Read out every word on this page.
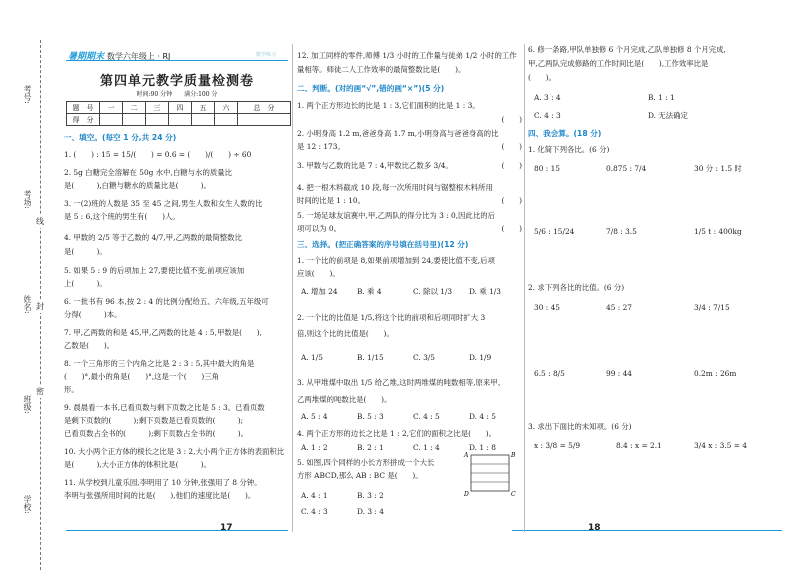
考号:
考场:
姓名:
班级:
学校:
线
封
密
暑期期末 数学六年级上 · RJ	数学练习
第四单元教学质量检测卷
时间:90 分钟　　满分:100 分
题　号	一	二	三	四	五	六	总　分
得　分							
一、填空。(每空 1 分,共 24 分)
1. (　　) : 15 = 15/(　　) = 0.6 = (　　)/(　　) ÷ 60
2. 5g 白糖完全溶解在 50g 水中,白糖与水的质量比
是(　　　),白糖与糖水的质量比是(　　　)。
3. 一(2)班的人数是 35 至 45 之间,男生人数和女生人数的比
是 5 : 6,这个班的男生有(　　)人。
4. 甲数的 2/5 等于乙数的 4/7,甲,乙两数的最简整数比
是(　　　)。
5. 如果 5 : 9 的后项加上 27,要使比值不变,前项应该加
上(　　　)。
6. 一批书有 96 本,按 2 : 4 的比例分配给五、六年级,五年级可
分得(　　　)本。
7. 甲,乙两数的和是 45,甲,乙两数的比是 4 : 5,甲数是(　　),
乙数是(　　)。
8. 一个三角形的三个内角之比是 2 : 3 : 5,其中最大的角是
(　　)°,最小的角是(　　)°,这是一个(　　)三角
形。
9. 晨晨看一本书,已看页数与剩下页数之比是 5 : 3。已看页数
是剩下页数的(　　　);剩下页数是已看页数的(　　　);
已看页数占全书的(　　　);剩下页数占全书的(　　　)。
10. 大小两个正方体的棱长之比是 3 : 2,大小两个正方体的表面积比
是(　　　),大小正方体的体积比是(　　　)。
11. 从学校到儿童乐园,李明用了 10 分钟,张强用了 8 分钟。
李明与张强所用时间的比是(　　),他们的速度比是(　　)。
17
12. 加工同样的零件,师傅 1/3 小时的工作量与徒弟 1/2 小时的工作
量相等。师徒二人工作效率的最简整数比是(　　)。
二、判断。(对的画“√”,错的画“×”)(5 分)
1. 两个正方形边长的比是 1 : 3,它们面积的比是 1 : 3。
(　　)
2. 小明身高 1.2 m,爸爸身高 1.7 m,小明身高与爸爸身高的比
是 12 : 173。	(　　)
3. 甲数与乙数的比是 7 : 4,甲数比乙数多 3/4。	(　　)
4. 把一根木料截成 10 段,每一次所用时间与锯整根木料所用
时间的比是 1 : 10。	(　　)
5. 一场足球友谊赛中,甲,乙两队的得分比为 3 : 0,因此比的后
项可以为 0。	(　　)
三、选择。(把正确答案的序号填在括号里)(12 分)
1. 一个比的前项是 8,如果前项增加到 24,要使比值不变,后项
应该(　　)。
A. 增加 24	B. 乘 4	C. 除以 1/3 D. 乘 1/3
2. 一个比的比值是 1/5,将这个比的前项和后项同时扩大 3
倍,则这个比的比值是(　　)。
A. 1/5	B. 1/15	C. 3/5	D. 1/9
3. 从甲堆煤中取出 1/5 给乙堆,这时两堆煤的吨数相等,原来甲、
乙两堆煤的吨数比是(　　)。
A. 5 : 4	B. 5 : 3	C. 4 : 5	D. 4 : 5
4. 两个正方形的边长之比是 1 : 2,它们的面积之比是(　　)。
A. 1 : 2	B. 2 : 1	C. 1 : 4	D. 1 : 8
5. 如图,四个同样的小长方形拼成一个大长
方形 ABCD,那么 AB : BC 是(　　)。
A. 4 : 1	B. 3 : 2
C. 4 : 3	D. 3 : 4
A	B
C
D
6. 修一条路,甲队单独修 6 个月完成,乙队单独修 8 个月完成,
甲,乙两队完成修路的工作时间比是(　　),工作效率比是
(　　)。
A. 3 : 4	B. 1 : 1
C. 4 : 3	D. 无法确定
四、我会算。(18 分)
1. 化简下列各比。(6 分)
80 : 15	0.875 : 7/4	30 分 : 1.5 时
5/6 : 15/24	7/8 : 3.5	1/5 t : 400kg
2. 求下列各比的比值。(6 分)
30 : 45	45 : 27	3/4 : 7/15
6.5 : 8/5	99 : 44	0.2m : 26m
3. 求出下面比的未知项。(6 分)
x : 3/8 = 5/9	8.4 : x = 2.1	3/4 x : 3.5 = 4
18
